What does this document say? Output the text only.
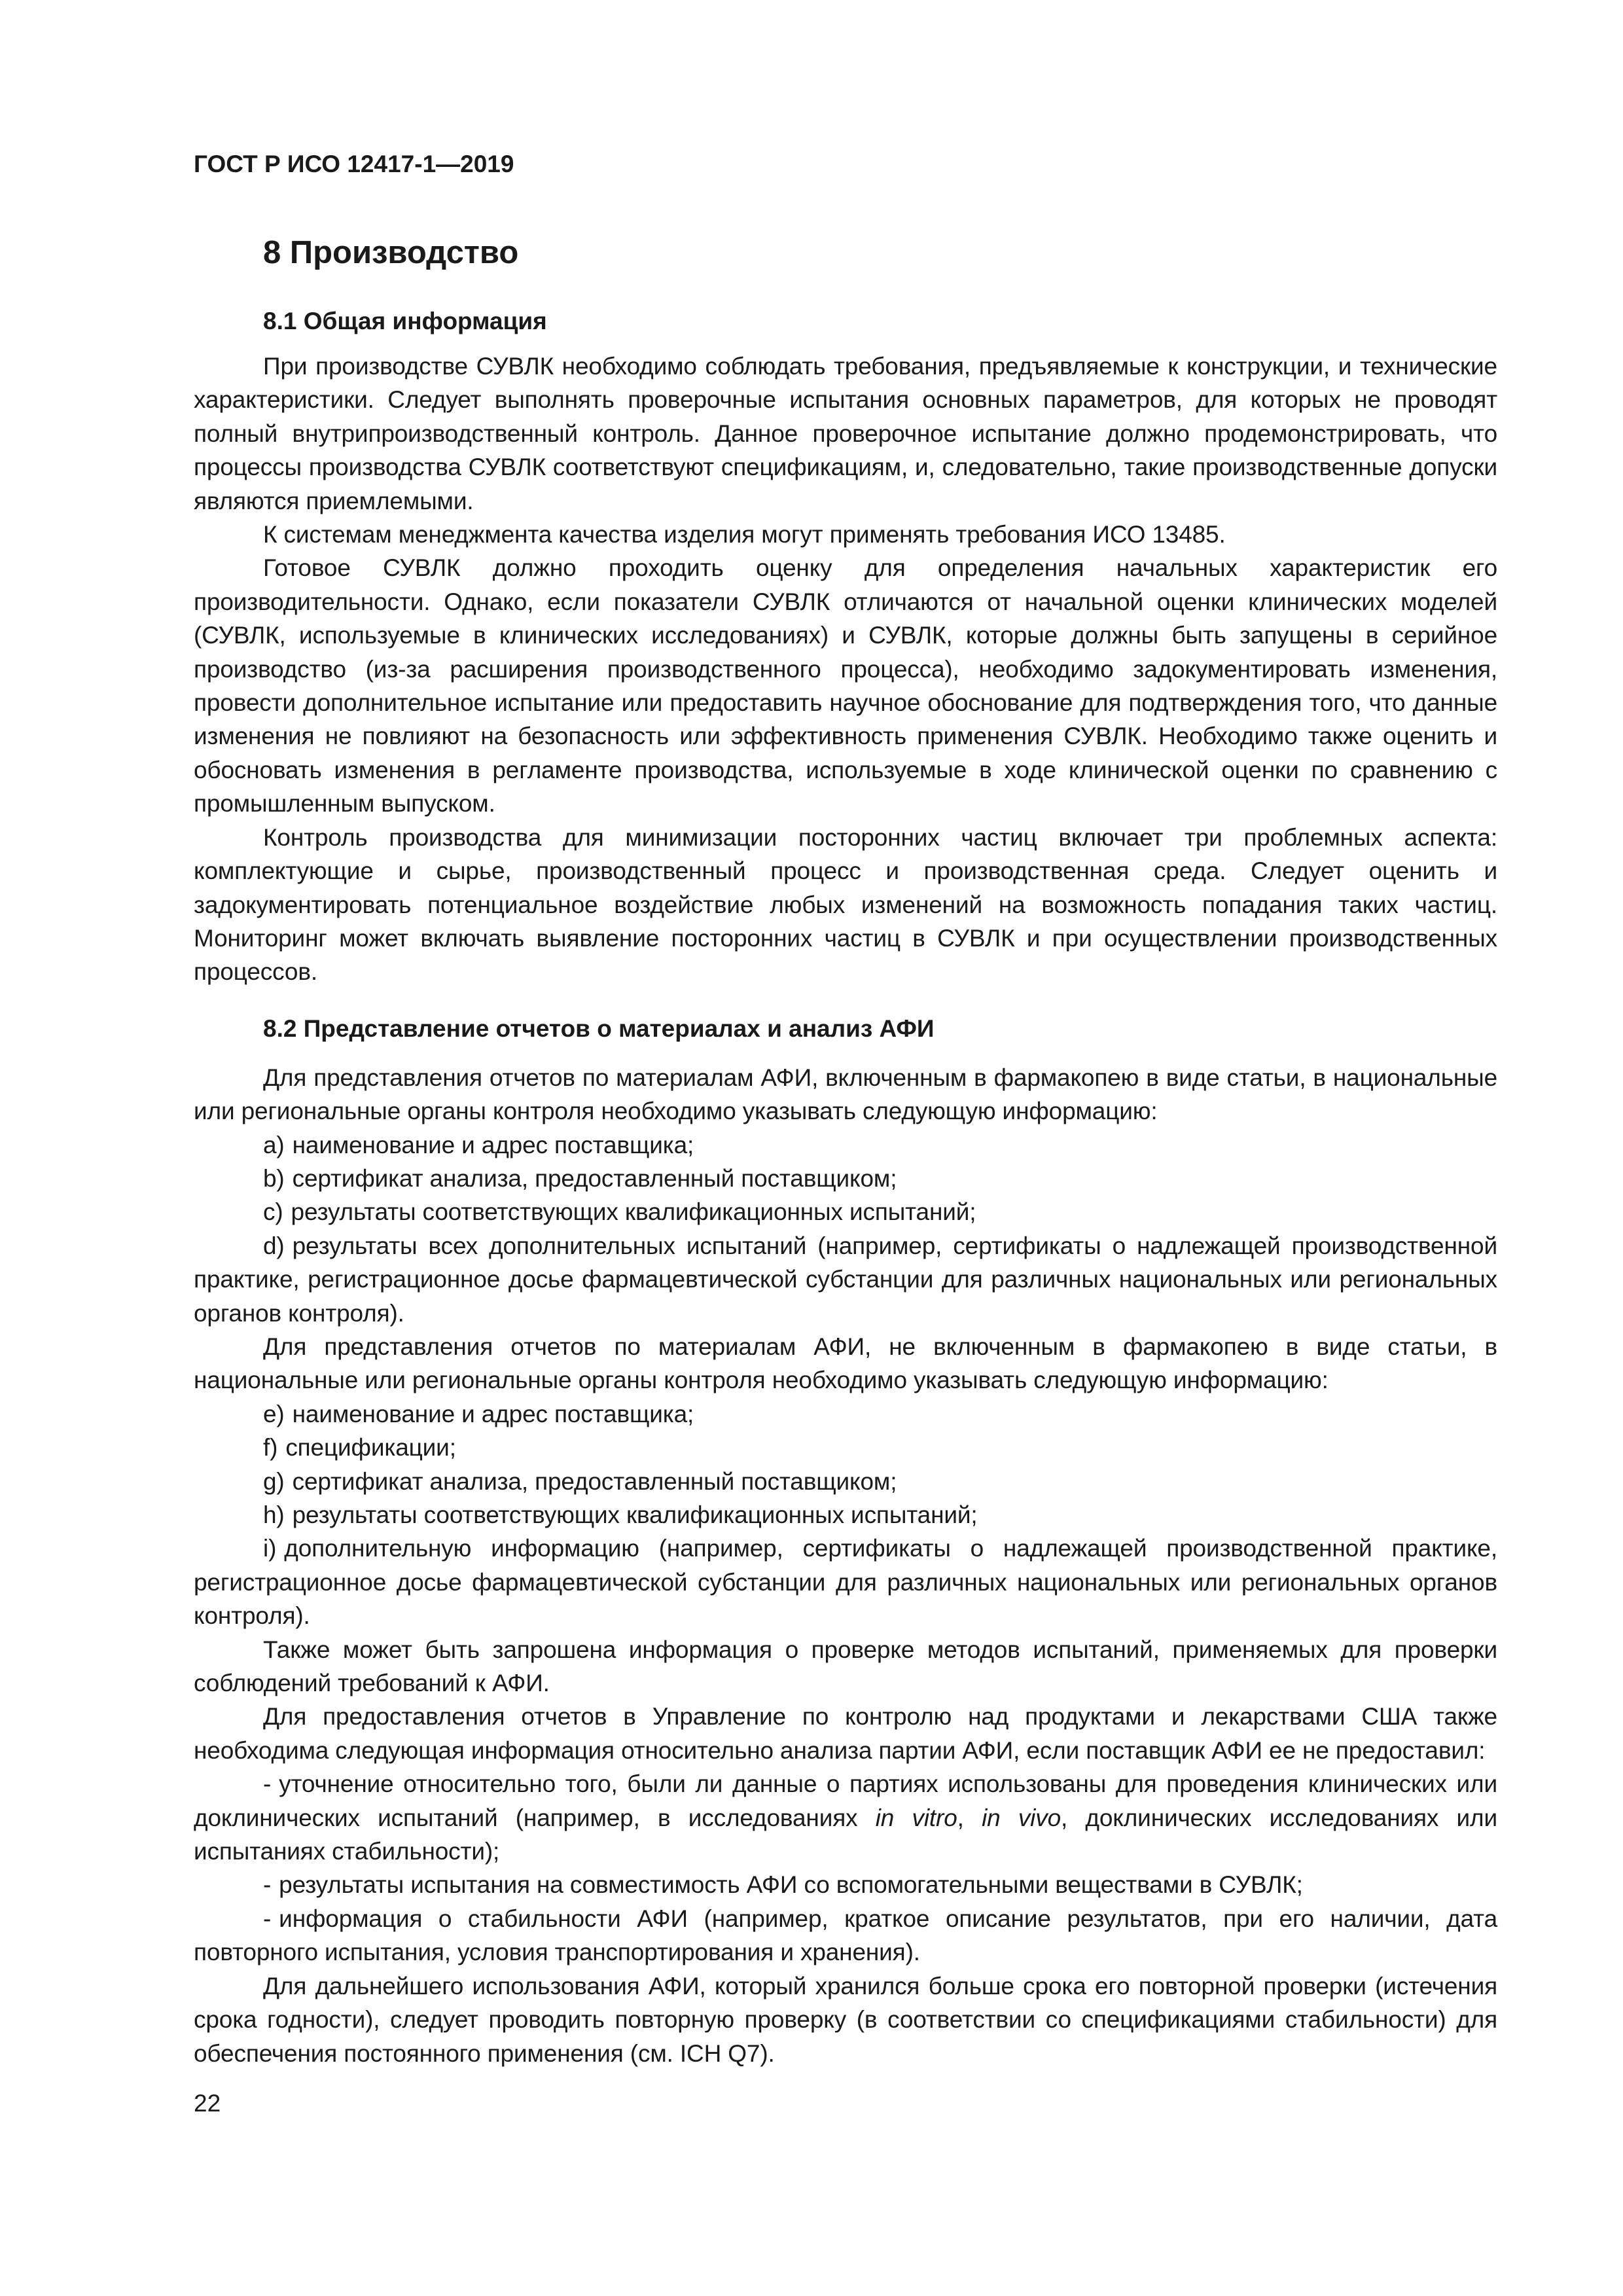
ГОСТ Р ИСО 12417-1—2019
8 Производство
8.1 Общая информация

При производстве СУВЛК необходимо соблюдать требования, предъявляемые к конструкции, и технические характеристики. Следует выполнять проверочные испытания основных параметров, для которых не проводят полный внутрипроизводственный контроль. Данное проверочное испытание должно продемонстрировать, что процессы производства СУВЛК соответствуют спецификациям, и, следовательно, такие производственные допуски являются приемлемыми.

К системам менеджмента качества изделия могут применять требования ИСО 13485.

Готовое СУВЛК должно проходить оценку для определения начальных характеристик его производительности. Однако, если показатели СУВЛК отличаются от начальной оценки клинических моделей (СУВЛК, используемые в клинических исследованиях) и СУВЛК, которые должны быть запущены в серийное производство (из-за расширения производственного процесса), необходимо задокументировать изменения, провести дополнительное испытание или предоставить научное обоснование для подтверждения того, что данные изменения не повлияют на безопасность или эффективность применения СУВЛК. Необходимо также оценить и обосновать изменения в регламенте производства, используемые в ходе клинической оценки по сравнению с промышленным выпуском.

Контроль производства для минимизации посторонних частиц включает три проблемных аспекта: комплектующие и сырье, производственный процесс и производственная среда. Следует оценить и задокументировать потенциальное воздействие любых изменений на возможность попадания таких частиц. Мониторинг может включать выявление посторонних частиц в СУВЛК и при осуществлении производственных процессов.

8.2 Представление отчетов о материалах и анализ АФИ

Для представления отчетов по материалам АФИ, включенным в фармакопею в виде статьи, в национальные или региональные органы контроля необходимо указывать следующую информацию:

a) наименование и адрес поставщика;

b) сертификат анализа, предоставленный поставщиком;

c) результаты соответствующих квалификационных испытаний;

d) результаты всех дополнительных испытаний (например, сертификаты о надлежащей производственной практике, регистрационное досье фармацевтической субстанции для различных национальных или региональных органов контроля).

Для представления отчетов по материалам АФИ, не включенным в фармакопею в виде статьи, в национальные или региональные органы контроля необходимо указывать следующую информацию:

e) наименование и адрес поставщика;

f) спецификации;

g) сертификат анализа, предоставленный поставщиком;

h) результаты соответствующих квалификационных испытаний;

i) дополнительную информацию (например, сертификаты о надлежащей производственной практике, регистрационное досье фармацевтической субстанции для различных национальных или региональных органов контроля).

Также может быть запрошена информация о проверке методов испытаний, применяемых для проверки соблюдений требований к АФИ.

Для предоставления отчетов в Управление по контролю над продуктами и лекарствами США также необходима следующая информация относительно анализа партии АФИ, если поставщик АФИ ее не предоставил:

- уточнение относительно того, были ли данные о партиях использованы для проведения клинических или доклинических испытаний (например, в исследованиях in vitro, in vivo, доклинических исследованиях или испытаниях стабильности);

- результаты испытания на совместимость АФИ со вспомогательными веществами в СУВЛК;

- информация о стабильности АФИ (например, краткое описание результатов, при его наличии, дата повторного испытания, условия транспортирования и хранения).

Для дальнейшего использования АФИ, который хранился больше срока его повторной проверки (истечения срока годности), следует проводить повторную проверку (в соответствии со спецификациями стабильности) для обеспечения постоянного применения (см. ICH Q7).

22
